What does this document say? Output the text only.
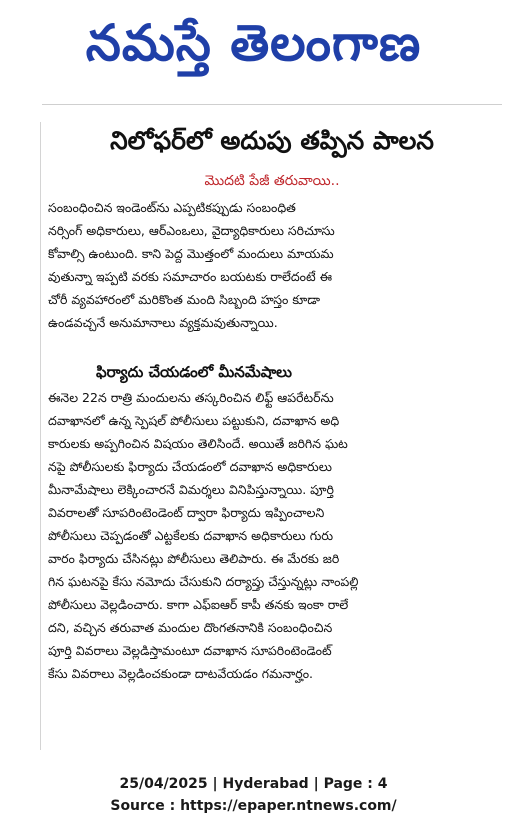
నమస్తే తెలంగాణ
నిలోఫర్‌లో అదుపు తప్పిన పాలన
మొదటి పేజీ తరువాయి..
సంబంధించిన ఇండెంట్‌ను ఎప్పటికప్పుడు సంబంధిత
నర్సింగ్ అధికారులు, ఆర్‌ఎంఒలు, వైద్యాధికారులు సరిచూసు
కోవాల్సి ఉంటుంది. కాని పెద్ద మొత్తంలో మందులు మాయమ
వుతున్నా ఇప్పటి వరకు సమాచారం బయటకు రాలేదంటే ఈ
చోరీ వ్యవహారంలో మరికొంత మంది సిబ్బంది హస్తం కూడా
ఉండవచ్చనే అనుమానాలు వ్యక్తమవుతున్నాయి.
ఫిర్యాదు చేయడంలో మీనమేషాలు
ఈనెల 22న రాత్రి మందులను తస్కరించిన లిఫ్ట్ ఆపరేటర్‌ను
దవాఖానలో ఉన్న స్పెషల్ పోలీసులు పట్టుకుని, దవాఖాన అధి
కారులకు అప్పగించిన విషయం తెలిసిందే. అయితే జరిగిన ఘట
నపై పోలీసులకు ఫిర్యాదు చేయడంలో దవాఖాన అధికారులు
మీనామేషాలు లెక్కించారనే విమర్శలు వినిపిస్తున్నాయి. పూర్తి
వివరాలతో సూపరింటెండెంట్ ద్వారా ఫిర్యాదు ఇప్పించాలని
పోలీసులు చెప్పడంతో ఎట్టకేలకు దవాఖాన అధికారులు గురు
వారం ఫిర్యాదు చేసినట్లు పోలీసులు తెలిపారు. ఈ మేరకు జరి
గిన ఘటనపై కేసు నమోదు చేసుకుని దర్యాప్తు చేస్తున్నట్లు నాంపల్లి
పోలీసులు వెల్లడించారు. కాగా ఎఫ్‌ఐఆర్ కాపీ తనకు ఇంకా రాలే
దని, వచ్చిన తరువాత మందుల దొంగతనానికి సంబంధించిన
పూర్తి వివరాలు వెల్లడిస్తామంటూ దవాఖాన సూపరింటెండెంట్
కేసు వివరాలు వెల్లడించకుండా దాటవేయడం గమనార్హం.
25/04/2025 | Hyderabad | Page : 4
Source : https://epaper.ntnews.com/
